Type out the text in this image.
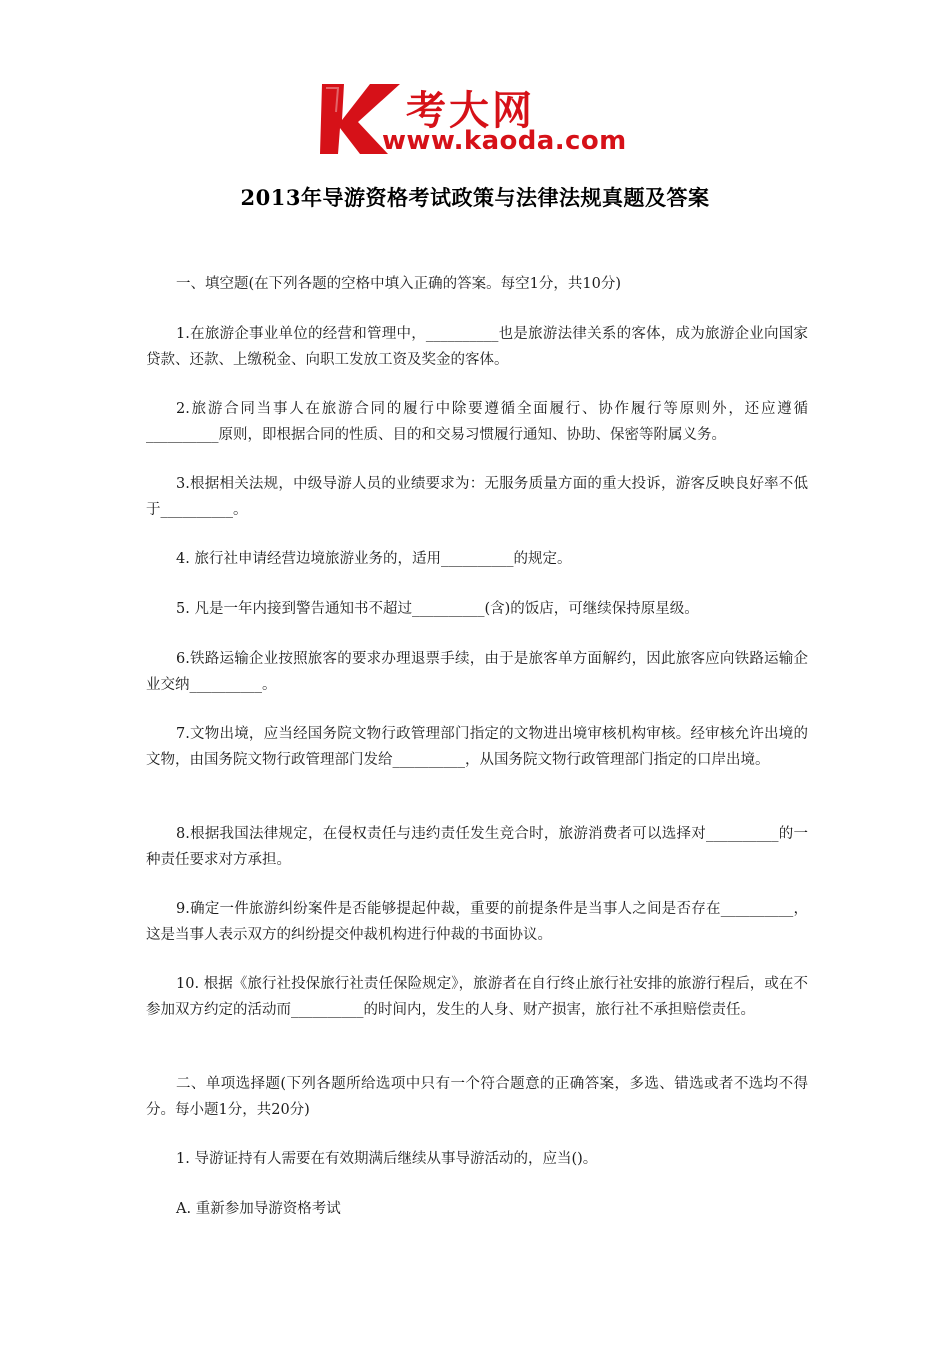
考大网
www.kaoda.com
2013年导游资格考试政策与法律法规真题及答案

一、填空题(在下列各题的空格中填入正确的答案。每空1分，共10分)

1.在旅游企事业单位的经营和管理中，__________也是旅游法律关系的客体，成为旅游企业向国家贷款、还款、上缴税金、向职工发放工资及奖金的客体。

2.旅游合同当事人在旅游合同的履行中除要遵循全面履行、协作履行等原则外，还应遵循__________原则，即根据合同的性质、目的和交易习惯履行通知、协助、保密等附属义务。

3.根据相关法规，中级导游人员的业绩要求为：无服务质量方面的重大投诉，游客反映良好率不低于__________。

4. 旅行社申请经营边境旅游业务的，适用__________的规定。

5. 凡是一年内接到警告通知书不超过__________(含)的饭店，可继续保持原星级。

6.铁路运输企业按照旅客的要求办理退票手续，由于是旅客单方面解约，因此旅客应向铁路运输企业交纳__________。

7.文物出境，应当经国务院文物行政管理部门指定的文物进出境审核机构审核。经审核允许出境的文物，由国务院文物行政管理部门发给__________，从国务院文物行政管理部门指定的口岸出境。

8.根据我国法律规定，在侵权责任与违约责任发生竞合时，旅游消费者可以选择对__________的一种责任要求对方承担。

9.确定一件旅游纠纷案件是否能够提起仲裁，重要的前提条件是当事人之间是否存在__________，这是当事人表示双方的纠纷提交仲裁机构进行仲裁的书面协议。

10. 根据《旅行社投保旅行社责任保险规定》，旅游者在自行终止旅行社安排的旅游行程后，或在不参加双方约定的活动而__________的时间内，发生的人身、财产损害，旅行社不承担赔偿责任。

二、单项选择题(下列各题所给选项中只有一个符合题意的正确答案，多选、错选或者不选均不得分。每小题1分，共20分)

1. 导游证持有人需要在有效期满后继续从事导游活动的，应当()。

A. 重新参加导游资格考试
